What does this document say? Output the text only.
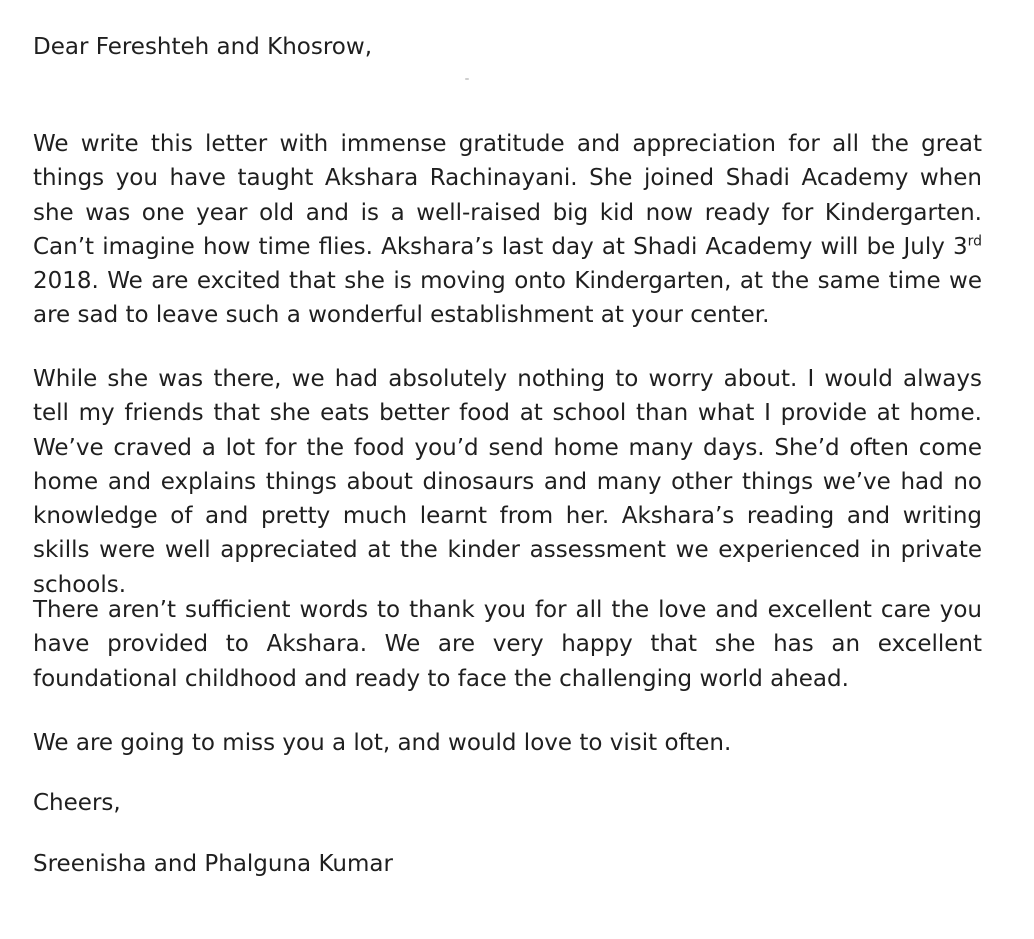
Dear Fereshteh and Khosrow,

We write this letter with immense gratitude and appreciation for all the great things you have taught Akshara Rachinayani. She joined Shadi Academy when she was one year old and is a well-raised big kid now ready for Kindergarten. Can’t imagine how time flies. Akshara’s last day at Shadi Academy will be July 3rd 2018. We are excited that she is moving onto Kindergarten, at the same time we are sad to leave such a wonderful establishment at your center.

While she was there, we had absolutely nothing to worry about. I would always tell my friends that she eats better food at school than what I provide at home. We’ve craved a lot for the food you’d send home many days. She’d often come home and explains things about dinosaurs and many other things we’ve had no knowledge of and pretty much learnt from her. Akshara’s reading and writing skills were well appreciated at the kinder assessment we experienced in private schools.

There aren’t sufficient words to thank you for all the love and excellent care you have provided to Akshara. We are very happy that she has an excellent foundational childhood and ready to face the challenging world ahead.

We are going to miss you a lot, and would love to visit often.
Cheers,
Sreenisha and Phalguna Kumar
